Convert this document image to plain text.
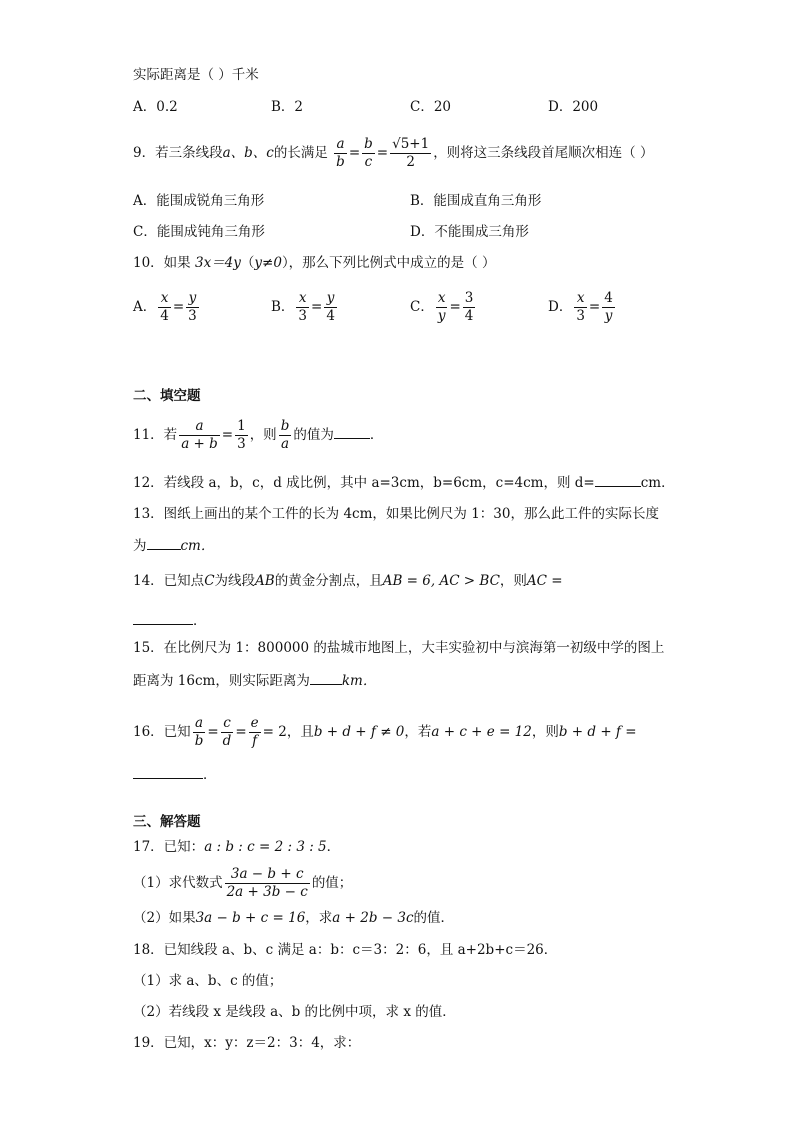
实际距离是（ ）千米
A．0.2	B．2	C．20	D．200
9．若三条线段a、b、c的长满足 $\frac{a}{b} = \frac{b}{c} = \frac{√5+1}{2}$ ，则将这三条线段首尾顺次相连（ ）
A．能围成锐角三角形	B．能围成直角三角形
C．能围成钝角三角形	D．不能围成三角形
10．如果 3x＝4y（y≠0），那么下列比例式中成立的是（ ）
A． $\frac{x}{4} = \frac{y}{3}$	B． $\frac{x}{3} = \frac{y}{4}$	C． $\frac{x}{y} = \frac{3}{4}$	D． $\frac{x}{3} = \frac{4}{y}$
二、填空题
11．若 $\frac{a}{a + b} = \frac{1}{3}$ ，则 $\frac{b}{a}$ 的值为	．
12．若线段 a，b，c，d 成比例，其中 a=3cm，b=6cm，c=4cm，则 d=	cm．
13．图纸上画出的某个工件的长为 4cm，如果比例尺为 1：30，那么此工件的实际长度
为	cm．
14．已知点C为线段AB的黄金分割点，且AB = 6, AC > BC，则AC =
．
15．在比例尺为 1：800000 的盐城市地图上，大丰实验初中与滨海第一初级中学的图上
距离为 16cm，则实际距离为 km．
16．已知 $\frac{a}{b} = \frac{c}{d} = \frac{e}{f} = 2$，且b + d + f ≠ 0，若a + c + e = 12，则b + d + f =
．
三、解答题
17．已知：a : b : c = 2 : 3 : 5．
（1）求代数式 $\frac{3a - b + c}{2a + 3b - c}$ 的值；
（2）如果3a − b + c = 16，求a + 2b − 3c的值．
18．已知线段 a、b、c 满足 a：b：c＝3：2：6，且 a+2b+c＝26．
（1）求 a、b、c 的值；
（2）若线段 x 是线段 a、b 的比例中项，求 x 的值．
19．已知，x：y：z＝2：3：4，求：
